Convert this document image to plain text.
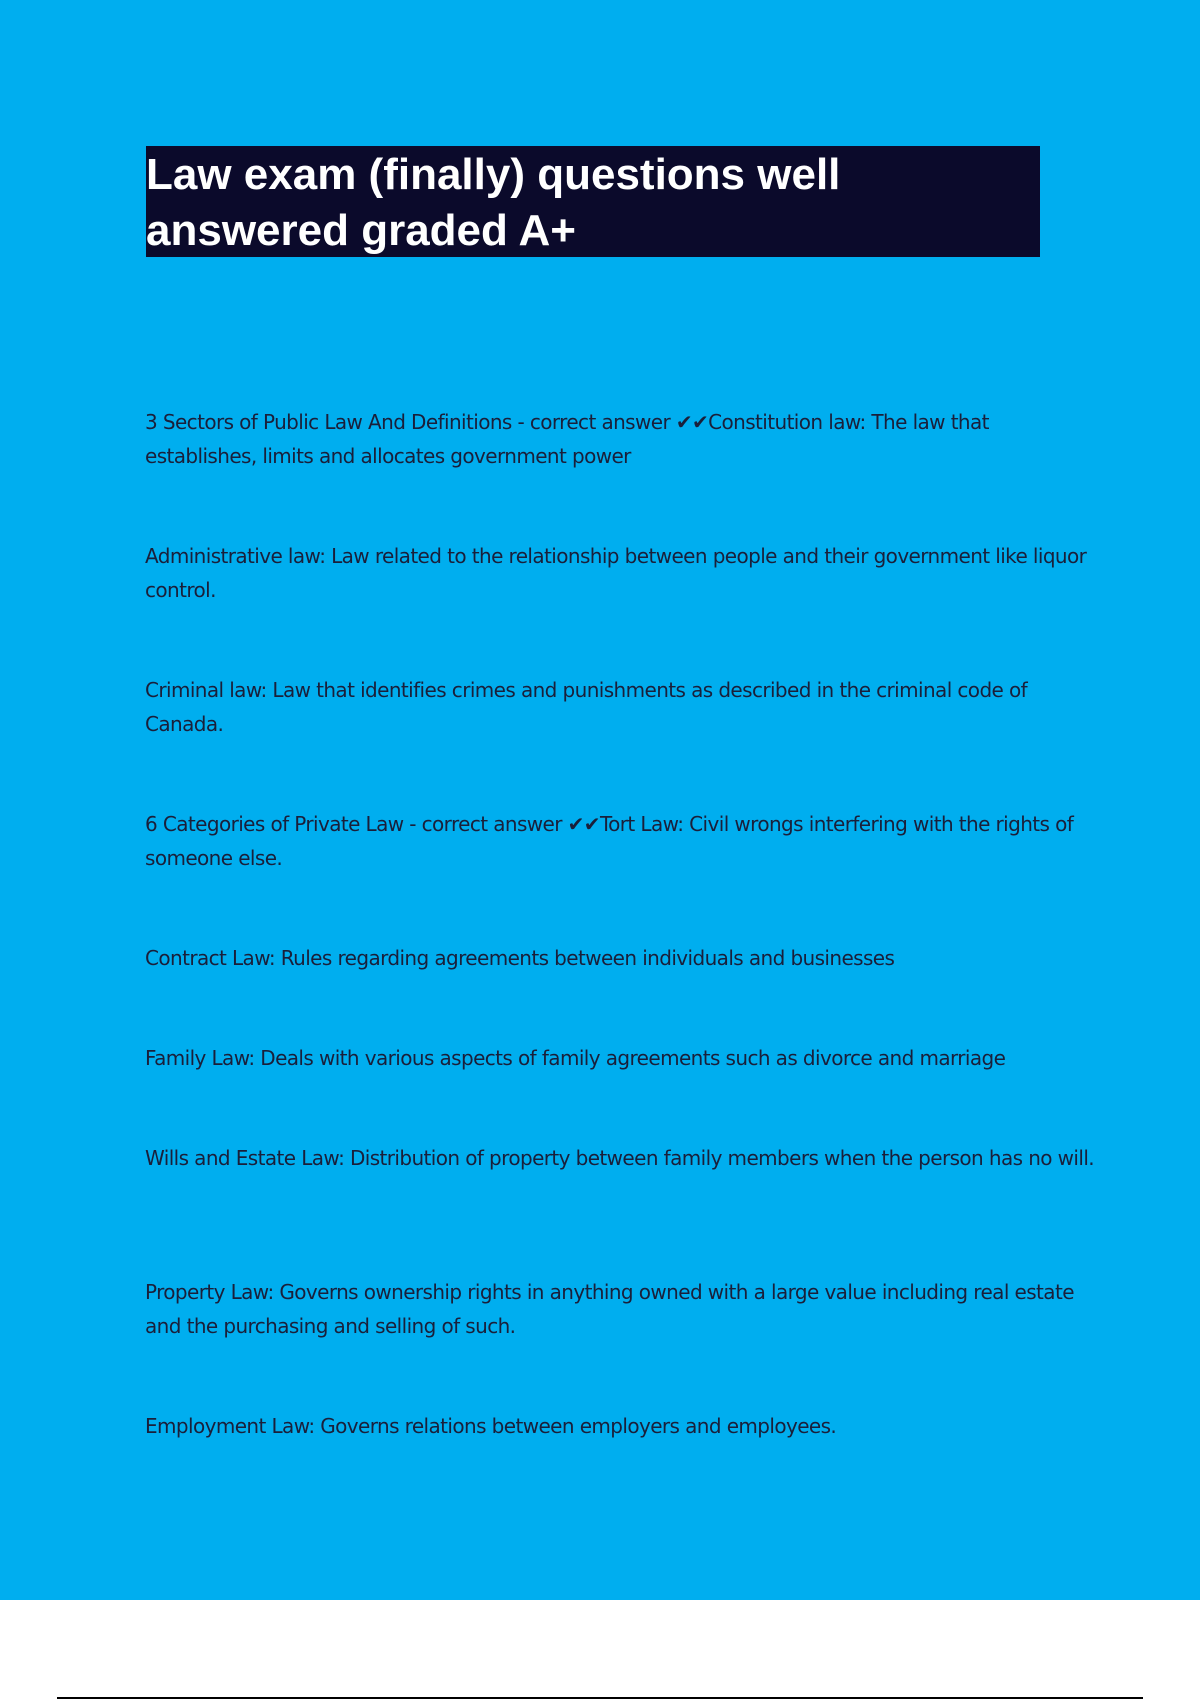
Law exam (finally) questions well answered graded A+

3 Sectors of Public Law And Definitions - correct answer ✔✔Constitution law: The law that establishes, limits and allocates government power

Administrative law: Law related to the relationship between people and their government like liquor control.

Criminal law: Law that identifies crimes and punishments as described in the criminal code of Canada.

6 Categories of Private Law - correct answer ✔✔Tort Law: Civil wrongs interfering with the rights of someone else.

Contract Law: Rules regarding agreements between individuals and businesses

Family Law: Deals with various aspects of family agreements such as divorce and marriage

Wills and Estate Law: Distribution of property between family members when the person has no will.

Property Law: Governs ownership rights in anything owned with a large value including real estate and the purchasing and selling of such.

Employment Law: Governs relations between employers and employees.
